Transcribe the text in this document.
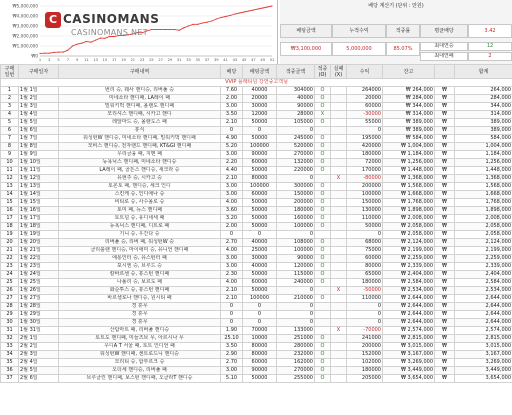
₩5,000,000
₩4,000,000
₩3,000,000
₩2,000,000
₩1,000,000
₩0
1 3 5 7 9 11 13 15 17 19 21 23 25 27 29 31 33 35 37 39 41 43 45 47 49 51
C CASINOMANS
CASINOMANS.NET
배당 계산기 (단위 : 만원)
배팅금액	누적수익	적중률	평균배당	3.42
₩3,100,000	5,000,000	85.07%	최대연승	12
최대연패	2
구매 일번	구매일자	구매내역	배당	배팅금액	적중금액	적중 (O)	실패 (X)	수익	잔고		합계
VVIP 플래티넘 강연중고객님											
1	1월 1일	번리 승, 웨사 핸디승, 리버풀 승	7.60	40000	304000	O		264000	₩ 264,000	₩	264,000
2	1월 2일	미네소타 핸디패, LA레이 패	2.00	20000	40000	O		20000	₩ 284,000	₩	284,000
3	1월 3일	밀워키벅 핸디패, 올랜도 핸디패	3.00	30000	90000	O		60000	₩ 344,000	₩	344,000
4	1월 4일	모리셔스 핸디패, 시카고 핸디	3.50	12000	28000	X		-30000	₩ 314,000	₩	314,000
5	1월 5일	레알마드 승, 올랜도스 패	2.10	50000	105000	O		55000	₩ 389,000	₩	389,000
6	1월 6일	휴식	0	0	0			0	₩ 389,000	₩	389,000
7	1월 7일	워싱턴W 핸디승, 미네소타 핸디패, 밀워키벅 핸디패	4.90	50000	245000	O		195000	₩ 584,000	₩	584,000
8	1월 8일	모비스 핸디승, 전자랜드 핸디패, KT&GI 핸디패	5.20	100000	520000	O		420000	₩ 1,004,000	₩	1,004,000
9	1월 9일	우리금융 패, 지멘 패	3.00	90000	270000	O		180000	₩ 1,184,000	₩	1,184,000
10	1월 10일	뉴욕닉스 핸디패, 미네소타 핸디승	2.20	60000	132000	O		72000	₩ 1,256,000	₩	1,256,000
11	1월 11일	LA레이 패, 골든스 핸디승, 새크라 승	4.40	50000	220000	O		170000	₩ 1,448,000	₩	1,448,000
12	1월 12일	유현주 승, 시카고 승	2.10	80000	0		X	-80000	₩ 1,368,000	₩	1,368,000
13	1월 13일	토론토 패, 핸디승, 세크 인디	3.00	100000	300000	O		200000	₩ 1,568,000	₩	1,568,000
14	1월 14일	스킨케 승, 인디애나 승	3.00	60000	150000	O		100000	₩ 1,668,000	₩	1,668,000
15	1월 15일	비티로 승, 사수올로 승	4.00	50000	200000	O		150000	₩ 1,768,000	₩	1,768,000
16	1월 16일	토미 패, 뉴스 핸디패	3.60	50000	180000	O		130000	₩ 1,898,000	₩	1,898,000
17	1월 17일	토트넘 승, 유디네세 패	3.20	50000	160000	O		110000	₩ 2,008,000	₩	2,008,000
18	1월 18일	뉴욕닉스 핸디패, 디트로 패	2.00	50000	100000	O		50000	₩ 2,058,000	₩	2,058,000
19	1월 19일	기니 승, 우간다 승	0	0	0			0	₩ 2,058,000	₩	2,058,000
20	1월 20일	리버풀 승, 리버 패, 워싱턴W 승	2.70	40000	108000	O		68000	₩ 2,124,000	₩	2,124,000
21	1월 21일	클리블랜 핸디승, 마이애미 승, 유니언 핸디패	4.00	25000	100000	O		75000	₩ 2,199,000	₩	2,199,000
22	1월 22일	에롱인터 승, 유스턴터 패	3.00	30000	90000	O		60000	₩ 2,259,000	₩	2,259,000
23	1월 23일	포시엔 승, 브루드 승	3.00	40000	120000	O		80000	₩ 2,339,000	₩	2,339,000
24	1월 24일	칼바르센 승, 휴스턴 핸디패	2.30	50000	115000	O		65000	₩ 2,404,000	₩	2,404,000
25	1월 25일	나폴리 승, 보르도 패	4.00	60000	240000	O		180000	₩ 2,584,000	₩	2,584,000
26	1월 26일	화순투스 승, 휴스턴 핸디패	2.10	50000	0		X	-50000	₩ 2,534,000	₩	2,534,000
27	1월 27일	바르셀로나 핸디승, 원시티 패	2.10	100000	210000	O		110000	₩ 2,644,000	₩	2,644,000
28	1월 28일	경 휴무	0	0	0			0	₩ 2,644,000	₩	2,644,000
29	1월 29일	경 휴무	0	0	0			0	₩ 2,644,000	₩	2,644,000
30	1월 30일	경 휴무	0	0	0			0	₩ 2,644,000	₩	2,644,000
31	1월 31일	산탐마트 패, 리버풀 핸디승	1.90	70000	133000		X	-70000	₩ 2,574,000	₩	2,574,000
32	2월 1일	토트도 핸디패, 미들즈브 무, 아르시나 무	25.10	10000	251000	O		241000	₩ 2,815,000	₩	2,815,000
33	2월 2일	우디A T 서울 패, 토트 인디언 패	3.50	80000	280000	O		200000	₩ 3,015,000	₩	3,015,000
34	2월 3일	워싱턴W 핸디패, 센트로드니 핸디승	2.90	80000	232000	O		152000	₩ 3,167,000	₩	3,167,000
35	2월 4일	모리티 승, 함부르크 승	2.70	60000	162000	O		102000	₩ 3,269,000	₩	3,269,000
36	2월 5일	오더세 핸디승, 리버풀 패	3.00	90000	270000	O		180000	₩ 3,449,000	₩	3,449,000
37	2월 6일	브루클린 핸디패, 보스턴 핸디패, 오클라T 핸디승	5.10	50000	255000	O		205000	₩ 3,654,000	₩	3,654,000
